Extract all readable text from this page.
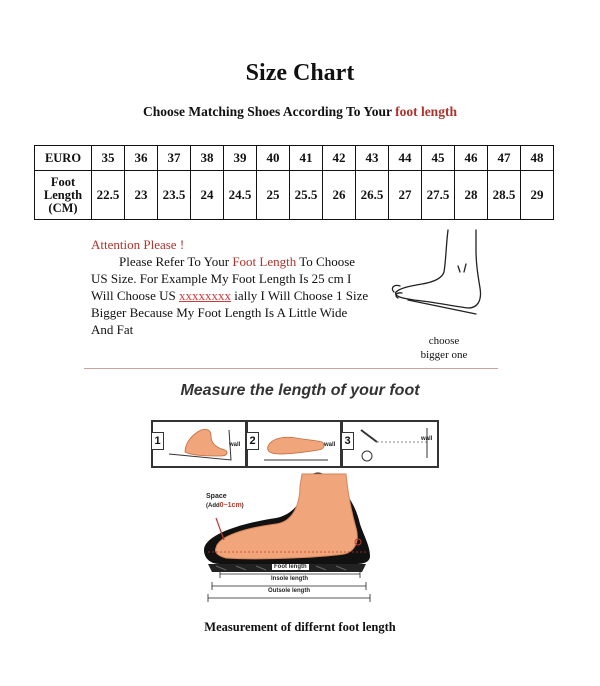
Size Chart
Choose Matching Shoes According To Your foot length
EURO	35	36	37	38	39	40	41	42	43	44	45	46	47	48

Foot
Length
(CM)	22.5	23	23.5	24	24.5	25	25.5	26	26.5	27	27.5	28	28.5	29
Attention Please !
Please Refer To Your Foot Length To Choose
US Size. For Example My Foot Length Is 25 cm I
Will Choose US xxxxxxxx ially I Will Choose 1 Size
Bigger Because My Foot Length Is A Little Wide
And Fat
choose
bigger one
Measure the length of your foot
1	wall 2	wall 3	wall
Space
(Add0~1cm)
Foot length
Insole length
Outsole length
Measurement of differnt foot length
